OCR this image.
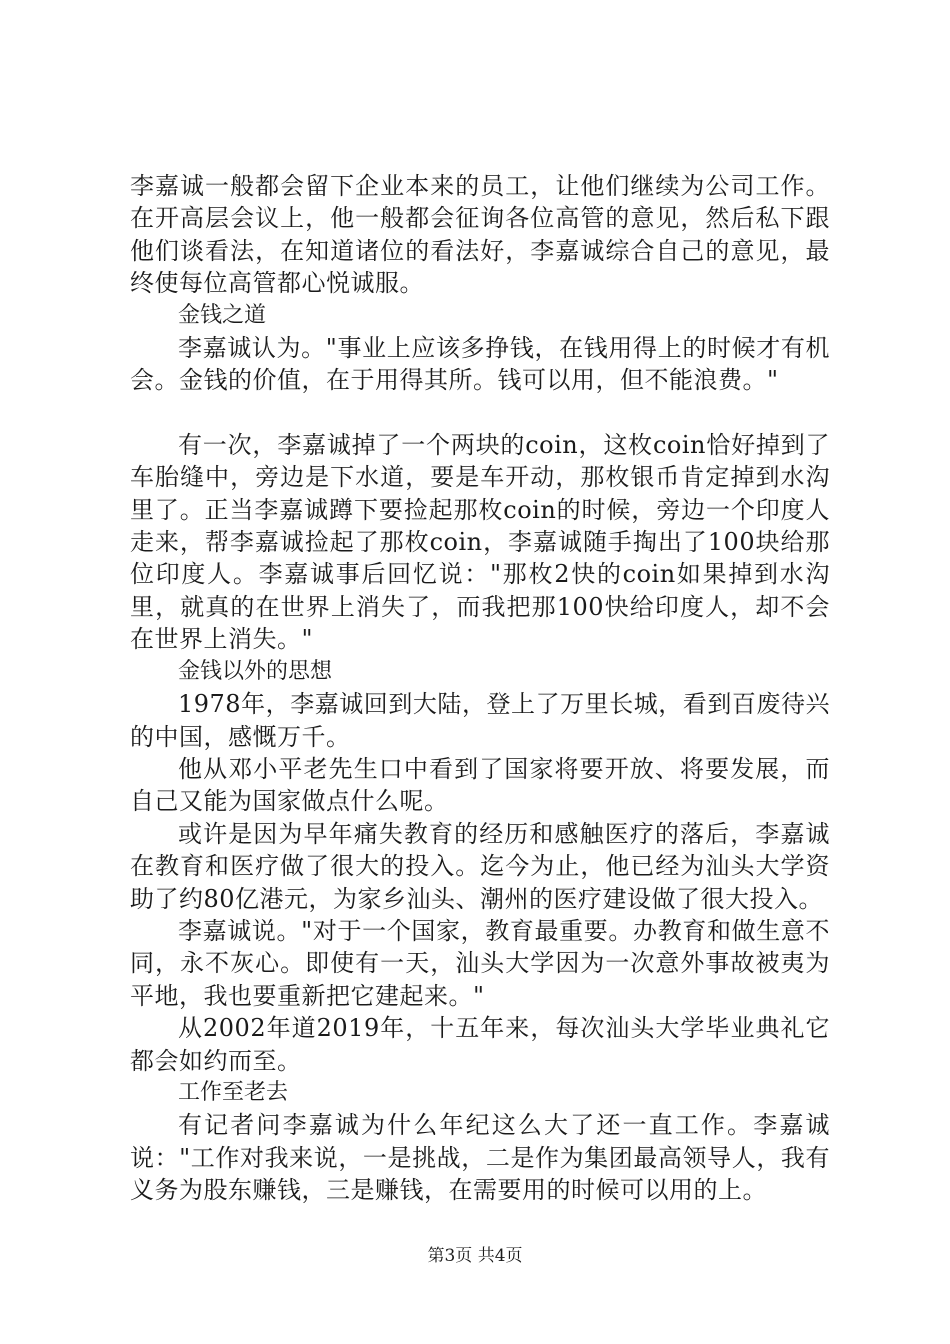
李嘉诚一般都会留下企业本来的员工，让他们继续为公司工作。在开高层会议上，他一般都会征询各位高管的意见，然后私下跟他们谈看法，在知道诸位的看法好，李嘉诚综合自己的意见，最终使每位高管都心悦诚服。

金钱之道

李嘉诚认为。"事业上应该多挣钱，在钱用得上的时候才有机会。金钱的价值，在于用得其所。钱可以用，但不能浪费。"

有一次，李嘉诚掉了一个两块的coin，这枚coin恰好掉到了车胎缝中，旁边是下水道，要是车开动，那枚银币肯定掉到水沟里了。正当李嘉诚蹲下要捡起那枚coin的时候，旁边一个印度人走来，帮李嘉诚捡起了那枚coin，李嘉诚随手掏出了100块给那位印度人。李嘉诚事后回忆说："那枚2快的coin如果掉到水沟里，就真的在世界上消失了，而我把那100快给印度人，却不会在世界上消失。"

金钱以外的思想

1978年，李嘉诚回到大陆，登上了万里长城，看到百废待兴的中国，感慨万千。

他从邓小平老先生口中看到了国家将要开放、将要发展，而自己又能为国家做点什么呢。

或许是因为早年痛失教育的经历和感触医疗的落后，李嘉诚在教育和医疗做了很大的投入。迄今为止，他已经为汕头大学资助了约80亿港元，为家乡汕头、潮州的医疗建设做了很大投入。

李嘉诚说。"对于一个国家，教育最重要。办教育和做生意不同，永不灰心。即使有一天，汕头大学因为一次意外事故被夷为平地，我也要重新把它建起来。"

从2002年道2019年，十五年来，每次汕头大学毕业典礼它都会如约而至。

工作至老去

有记者问李嘉诚为什么年纪这么大了还一直工作。李嘉诚说："工作对我来说，一是挑战，二是作为集团最高领导人，我有义务为股东赚钱，三是赚钱，在需要用的时候可以用的上。

第3页 共4页
